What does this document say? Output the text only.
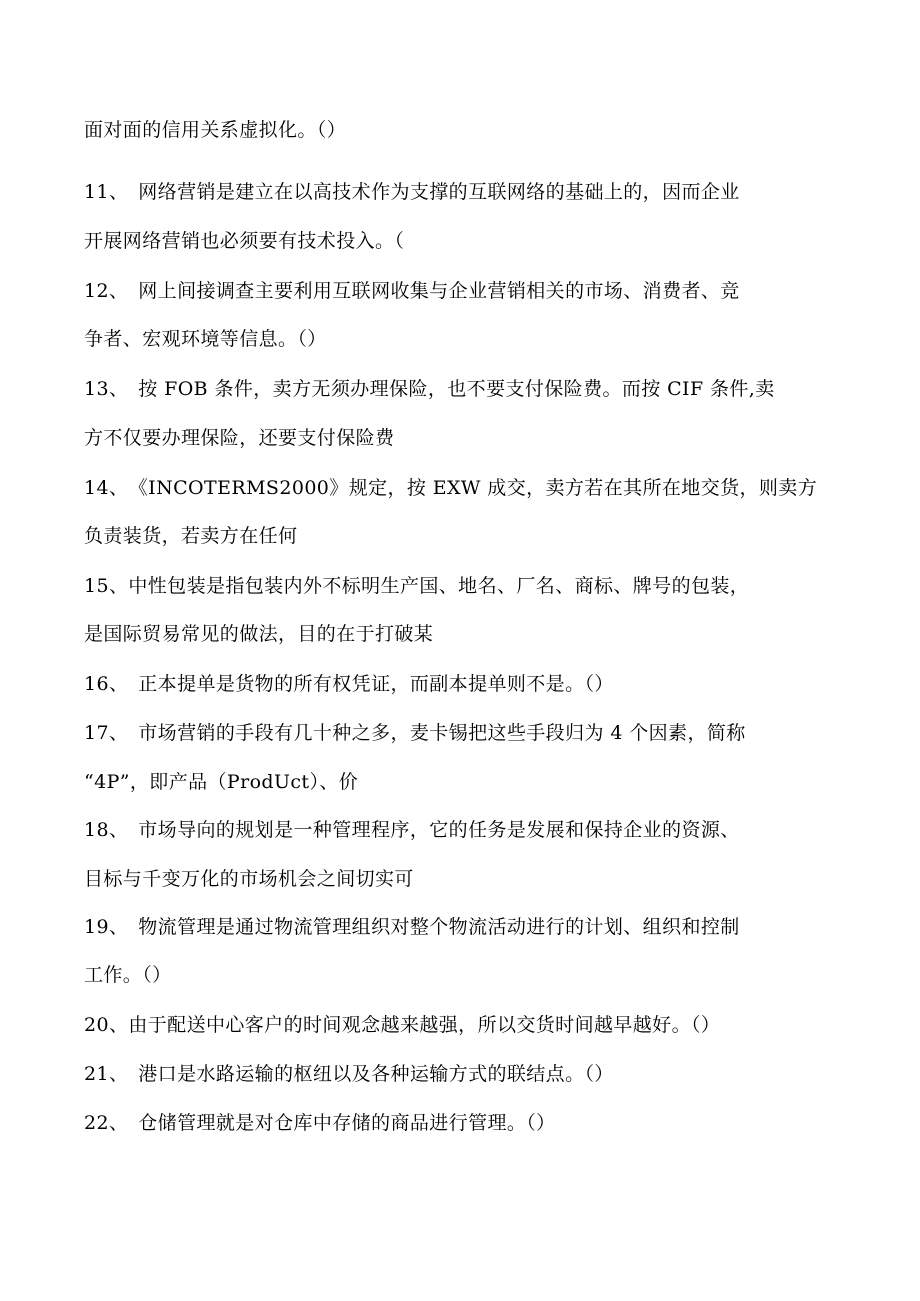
面对面的信用关系虚拟化。（）
11、　网络营销是建立在以高技术作为支撑的互联网络的基础上的，因而企业
开展网络营销也必须要有技术投入。（
12、　网上间接调查主要利用互联网收集与企业营销相关的市场、消费者、竞
争者、宏观环境等信息。（）
13、　按 FOB 条件，卖方无须办理保险，也不要支付保险费。而按 CIF 条件,卖
方不仅要办理保险，还要支付保险费
14、　《INCOTERMS2000》规定，按 EXW 成交，卖方若在其所在地交货，则卖方
负责装货，若卖方在任何
15、中性包装是指包装内外不标明生产国、地名、厂名、商标、牌号的包装，
是国际贸易常见的做法，目的在于打破某
16、　正本提单是货物的所有权凭证，而副本提单则不是。（）
17、　市场营销的手段有几十种之多，麦卡锡把这些手段归为 4 个因素，简称
“4P”，即产品（ProdUct）、价
18、　市场导向的规划是一种管理程序，它的任务是发展和保持企业的资源、
目标与千变万化的市场机会之间切实可
19、　物流管理是通过物流管理组织对整个物流活动进行的计划、组织和控制
工作。（）
20、由于配送中心客户的时间观念越来越强，所以交货时间越早越好。（）
21、　港口是水路运输的枢纽以及各种运输方式的联结点。（）
22、　仓储管理就是对仓库中存储的商品进行管理。（）
